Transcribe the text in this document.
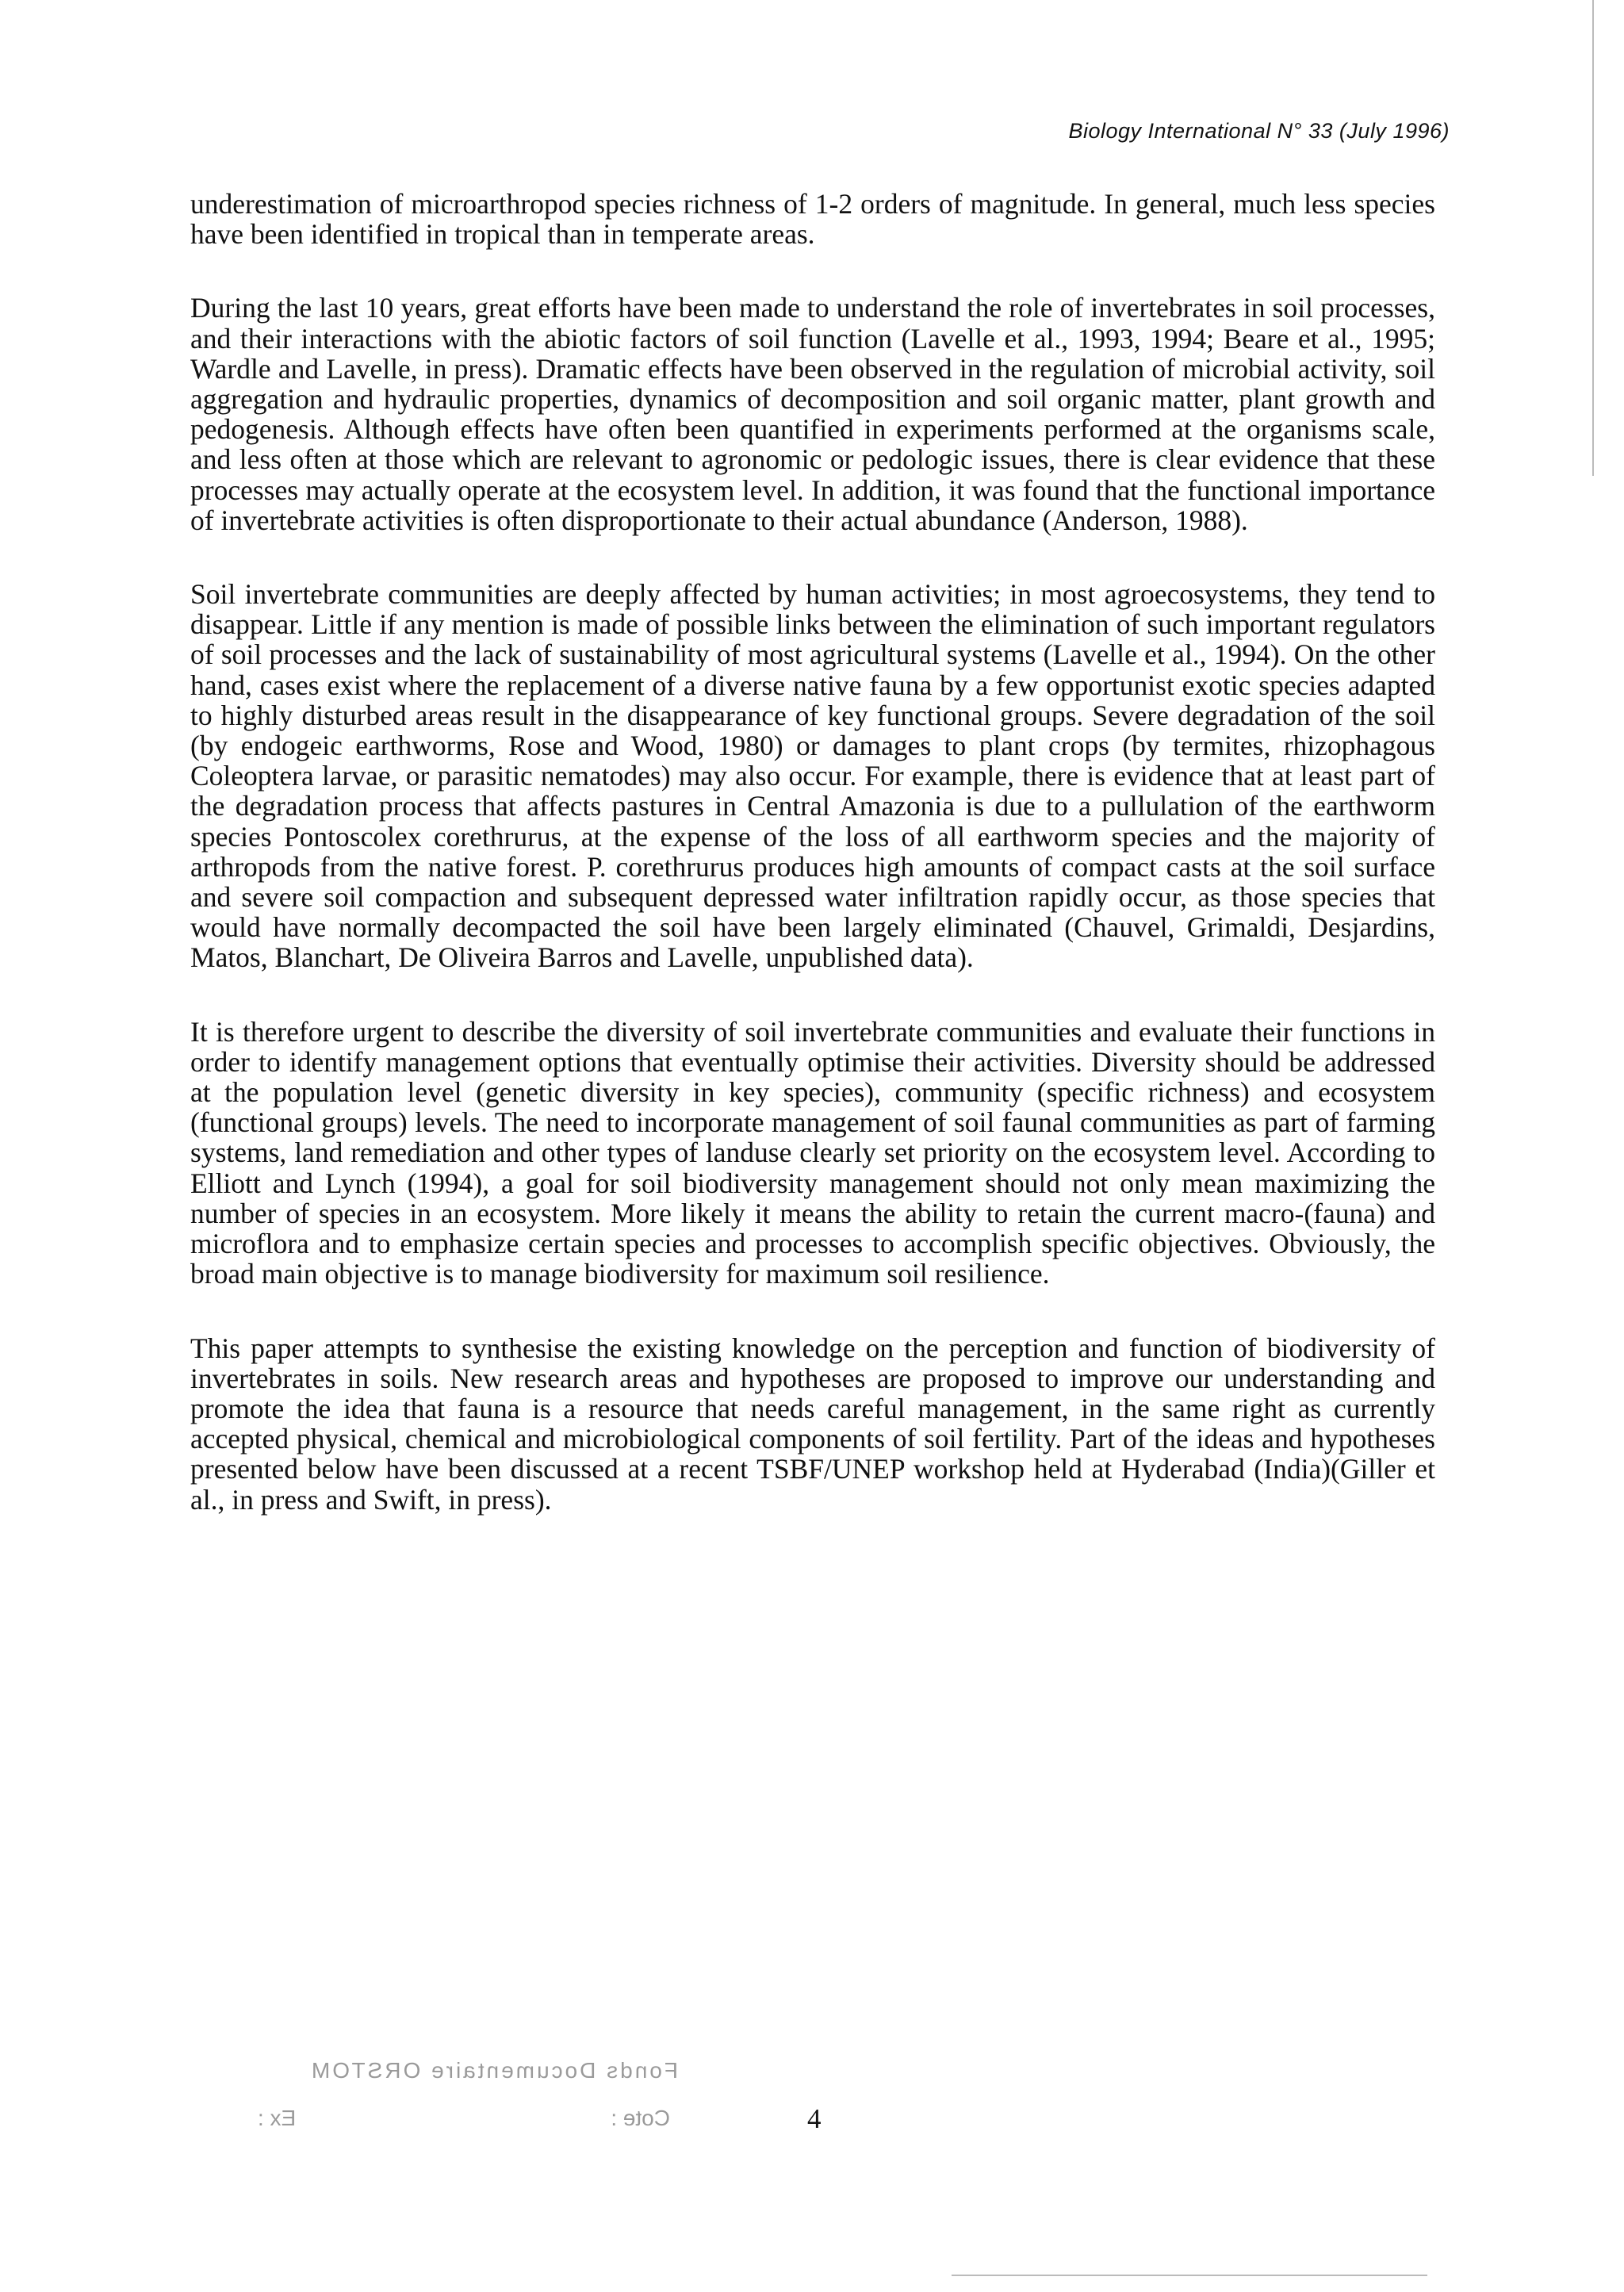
Biology International N° 33 (July 1996)

underestimation of microarthropod species richness of 1-2 orders of magnitude. In general, much less species have been identified in tropical than in temperate areas.

During the last 10 years, great efforts have been made to understand the role of invertebrates in soil processes, and their interactions with the abiotic factors of soil function (Lavelle et al., 1993, 1994; Beare et al., 1995; Wardle and Lavelle, in press). Dramatic effects have been observed in the regulation of microbial activity, soil aggregation and hydraulic properties, dynamics of decomposition and soil organic matter, plant growth and pedogenesis. Although effects have often been quantified in experiments performed at the organisms scale, and less often at those which are relevant to agronomic or pedologic issues, there is clear evidence that these processes may actually operate at the ecosystem level. In addition, it was found that the functional importance of invertebrate activities is often disproportionate to their actual abundance (Anderson, 1988).

Soil invertebrate communities are deeply affected by human activities; in most agroecosystems, they tend to disappear. Little if any mention is made of possible links between the elimination of such important regulators of soil processes and the lack of sustainability of most agricultural systems (Lavelle et al., 1994). On the other hand, cases exist where the replacement of a diverse native fauna by a few opportunist exotic species adapted to highly disturbed areas result in the disappearance of key functional groups. Severe degradation of the soil (by endogeic earthworms, Rose and Wood, 1980) or damages to plant crops (by termites, rhizophagous Coleoptera larvae, or parasitic nematodes) may also occur. For example, there is evidence that at least part of the degradation process that affects pastures in Central Amazonia is due to a pullulation of the earthworm species Pontoscolex corethrurus, at the expense of the loss of all earthworm species and the majority of arthropods from the native forest. P. corethrurus produces high amounts of compact casts at the soil surface and severe soil compaction and subsequent depressed water infiltration rapidly occur, as those species that would have normally decompacted the soil have been largely eliminated (Chauvel, Grimaldi, Desjardins, Matos, Blanchart, De Oliveira Barros and Lavelle, unpublished data).

It is therefore urgent to describe the diversity of soil invertebrate communities and evaluate their functions in order to identify management options that eventually optimise their activities. Diversity should be addressed at the population level (genetic diversity in key species), community (specific richness) and ecosystem (functional groups) levels. The need to incorporate management of soil faunal communities as part of farming systems, land remediation and other types of landuse clearly set priority on the ecosystem level. According to Elliott and Lynch (1994), a goal for soil biodiversity management should not only mean maximizing the number of species in an ecosystem. More likely it means the ability to retain the current macro-(fauna) and microflora and to emphasize certain species and processes to accomplish specific objectives. Obviously, the broad main objective is to manage biodiversity for maximum soil resilience.

This paper attempts to synthesise the existing knowledge on the perception and function of biodiversity of invertebrates in soils. New research areas and hypotheses are proposed to improve our understanding and promote the idea that fauna is a resource that needs careful management, in the same right as currently accepted physical, chemical and microbiological components of soil fertility. Part of the ideas and hypotheses presented below have been discussed at a recent TSBF/UNEP workshop held at Hyderabad (India)(Giller et al., in press and Swift, in press).

Fonds Documentaire ORSTOM
Cote :
Ex :	4
